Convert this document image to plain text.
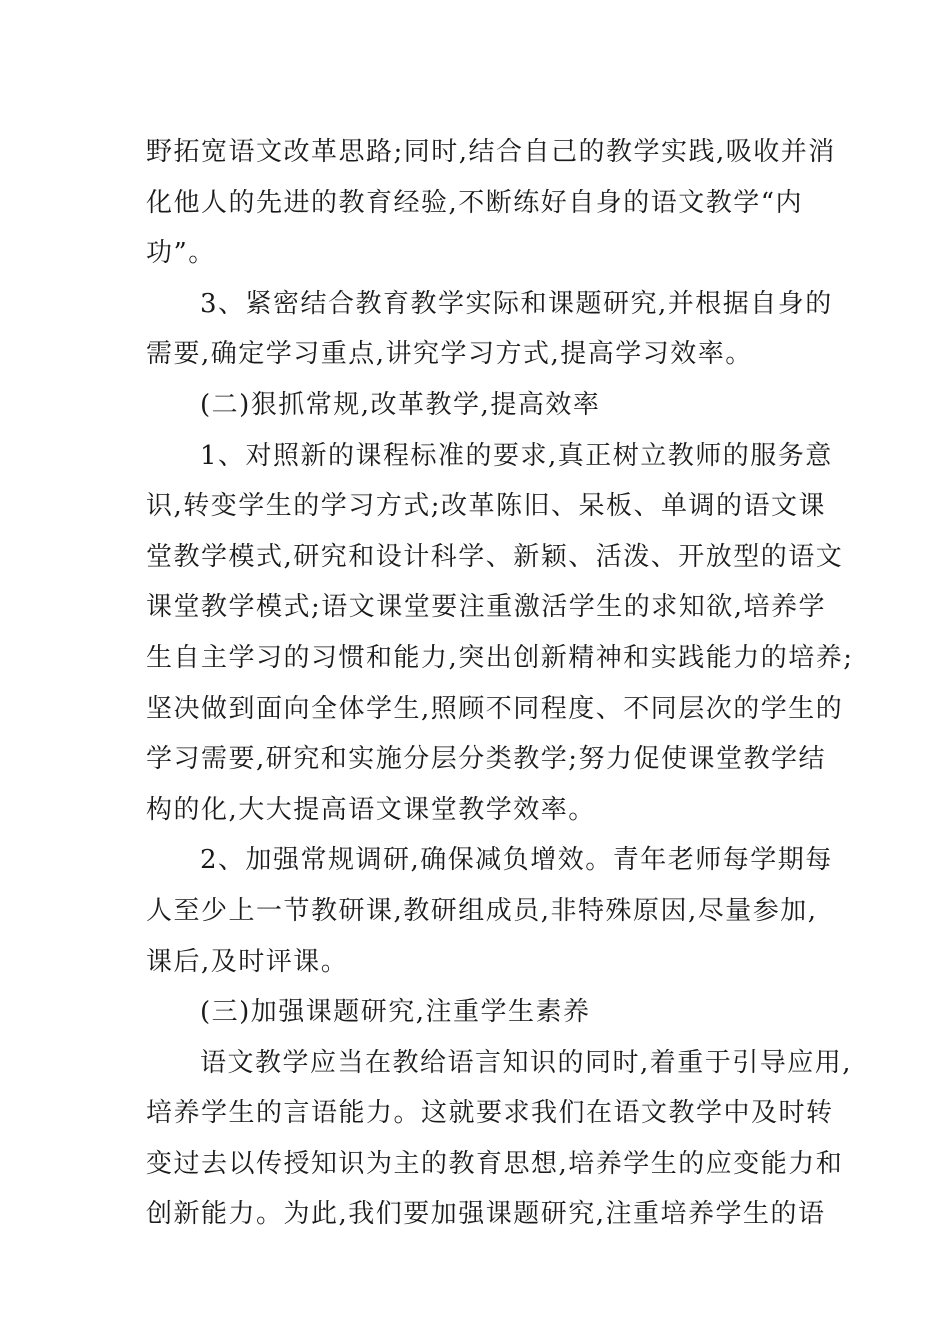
野拓宽语文改革思路;同时,结合自己的教学实践,吸收并消
化他人的先进的教育经验,不断练好自身的语文教学“内
功”。
3、紧密结合教育教学实际和课题研究,并根据自身的
需要,确定学习重点,讲究学习方式,提高学习效率。
(二)狠抓常规,改革教学,提高效率
1、对照新的课程标准的要求,真正树立教师的服务意
识,转变学生的学习方式;改革陈旧、呆板、单调的语文课
堂教学模式,研究和设计科学、新颖、活泼、开放型的语文
课堂教学模式;语文课堂要注重激活学生的求知欲,培养学
生自主学习的习惯和能力,突出创新精神和实践能力的培养;
坚决做到面向全体学生,照顾不同程度、不同层次的学生的
学习需要,研究和实施分层分类教学;努力促使课堂教学结
构的化,大大提高语文课堂教学效率。
2、加强常规调研,确保减负增效。青年老师每学期每
人至少上一节教研课,教研组成员,非特殊原因,尽量参加,
课后,及时评课。
(三)加强课题研究,注重学生素养
语文教学应当在教给语言知识的同时,着重于引导应用,
培养学生的言语能力。这就要求我们在语文教学中及时转
变过去以传授知识为主的教育思想,培养学生的应变能力和
创新能力。为此,我们要加强课题研究,注重培养学生的语
